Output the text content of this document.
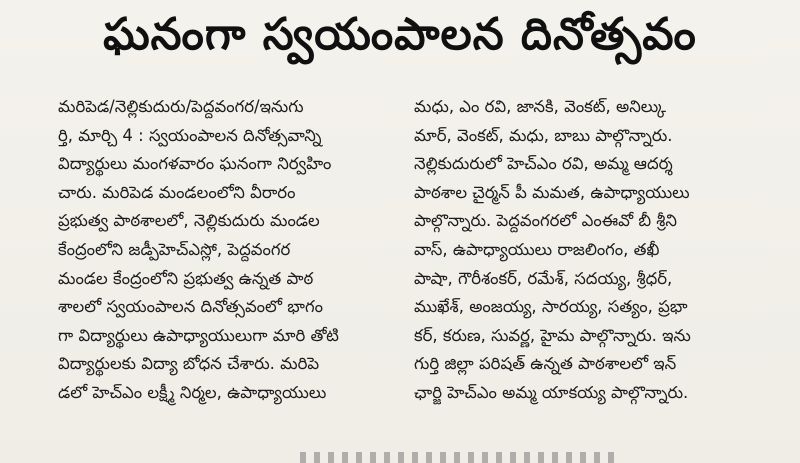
ఘనంగా స్వయంపాలన దినోత్సవం
మరిపెడ/నెల్లికుదురు/పెద్దవంగర/ఇనుగు
ర్తి, మార్చి 4 : స్వయంపాలన దినోత్సవాన్ని
విద్యార్థులు మంగళవారం ఘనంగా నిర్వహిం
చారు. మరిపెడ మండలంలోని వీరారం
ప్రభుత్వ పాఠశాలలో, నెల్లికుదురు మండల
కేంద్రంలోని జడ్పీహెచ్ఎస్లో, పెద్దవంగర
మండల కేంద్రంలోని ప్రభుత్వ ఉన్నత పాఠ
శాలలో స్వయంపాలన దినోత్సవంలో భాగం
గా విద్యార్థులు ఉపాధ్యాయులుగా మారి తోటి
విద్యార్థులకు విద్యా బోధన చేశారు. మరిపె
డలో హెచ్ఎం లక్ష్మీ నిర్మల, ఉపాధ్యాయులు
మధు, ఎం రవి, జానకి, వెంకట్, అనిల్కు
మార్, వెంకట్, మధు, బాబు పాల్గొన్నారు.
నెల్లికుదురులో హెచ్ఎం రవి, అమ్మ ఆదర్శ
పాఠశాల చైర్మన్ పీ మమత, ఉపాధ్యాయులు
పాల్గొన్నారు. పెద్దవంగరలో ఎంఈవో బీ శ్రీని
వాస్, ఉపాధ్యాయులు రాజలింగం, తఖీ
పాషా, గౌరీశంకర్, రమేశ్, సదయ్య, శ్రీధర్,
ముఖేశ్, అంజయ్య, సారయ్య, సత్యం, ప్రభా
కర్, కరుణ, సువర్ణ, హైమ పాల్గొన్నారు. ఇను
గుర్తి జిల్లా పరిషత్ ఉన్నత పాఠశాలలో ఇన్
ఛార్జి హెచ్ఎం అమ్మ యాకయ్య పాల్గొన్నారు.
